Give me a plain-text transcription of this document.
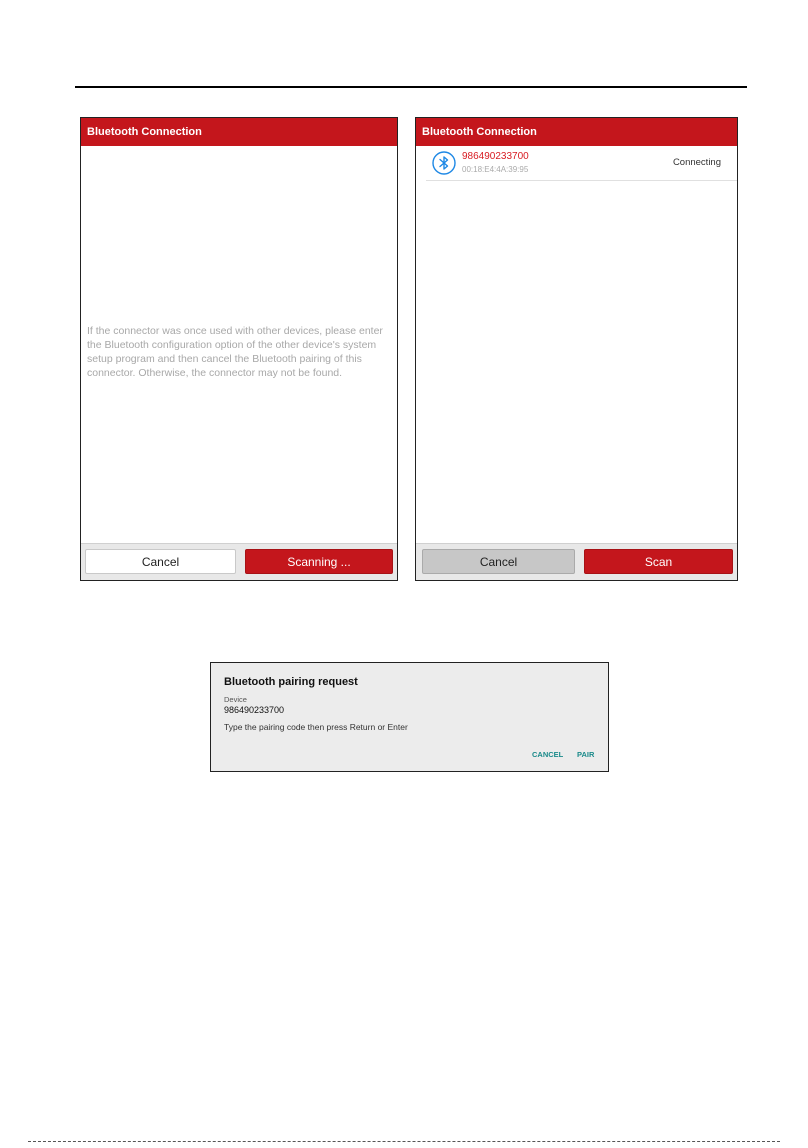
Bluetooth Connection
If the connector was once used with other devices, please enter the Bluetooth configuration option of the other device's system setup program and then cancel the Bluetooth pairing of this connector. Otherwise, the connector may not be found.
Cancel	Scanning ...
Bluetooth Connection
986490233700
00:18:E4:4A:39:95
Connecting
Cancel	Scan
Bluetooth pairing request
Device
986490233700
Type the pairing code then press Return or Enter
CANCEL PAIR
